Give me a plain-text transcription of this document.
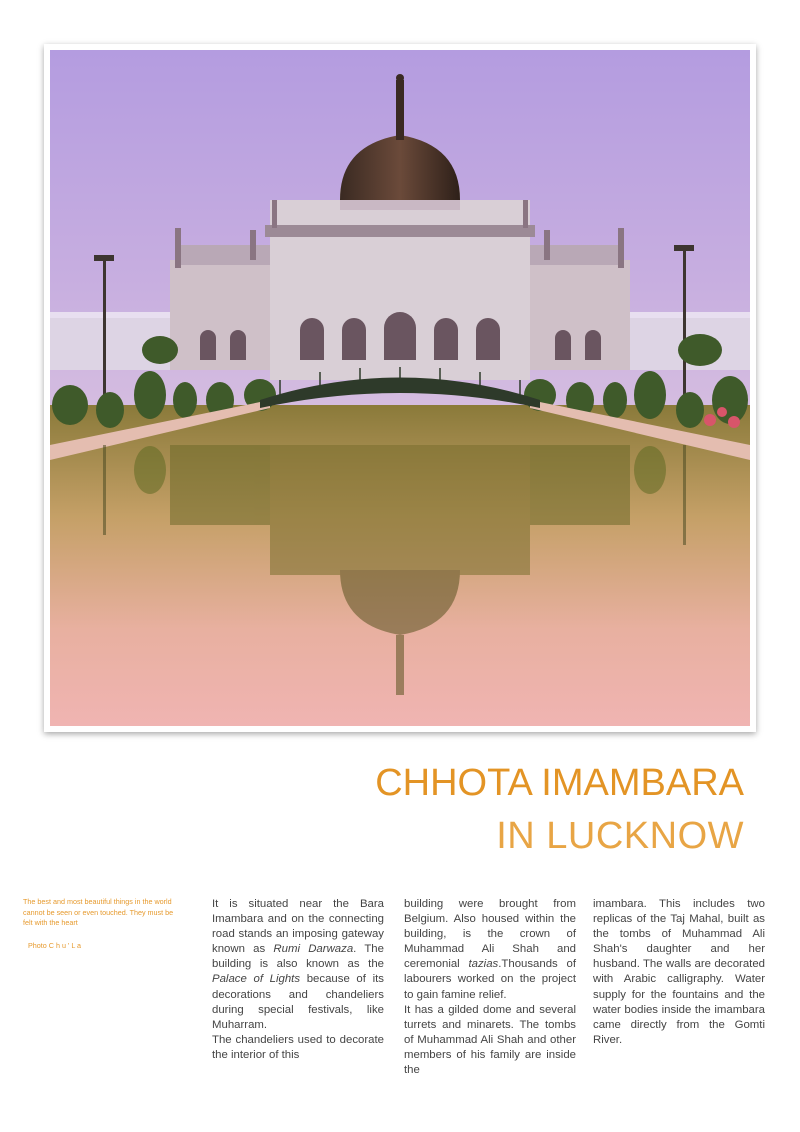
CHHOTA IMAMBARA
IN LUCKNOW
The best and most beautiful things in the world cannot be seen or even touched. They must be felt with the heart
Photo C h u ' L a

It is situated near the Bara Imambara and on the connecting road stands an imposing gateway known as Rumi Darwaza. The building is also known as the Palace of Lights because of its decorations and chandeliers during special festivals, like Muharram.

The chandeliers used to decorate the interior of this

building were brought from Belgium. Also housed within the building, is the crown of Muhammad Ali Shah and ceremonial tazias.Thousands of labourers worked on the project to gain famine relief.

It has a gilded dome and several turrets and minarets. The tombs of Muhammad Ali Shah and other members of his family are inside the

imambara. This includes two replicas of the Taj Mahal, built as the tombs of Muhammad Ali Shah's daughter and her husband. The walls are decorated with Arabic calligraphy. Water supply for the fountains and the water bodies inside the imambara came directly from the Gomti River.
